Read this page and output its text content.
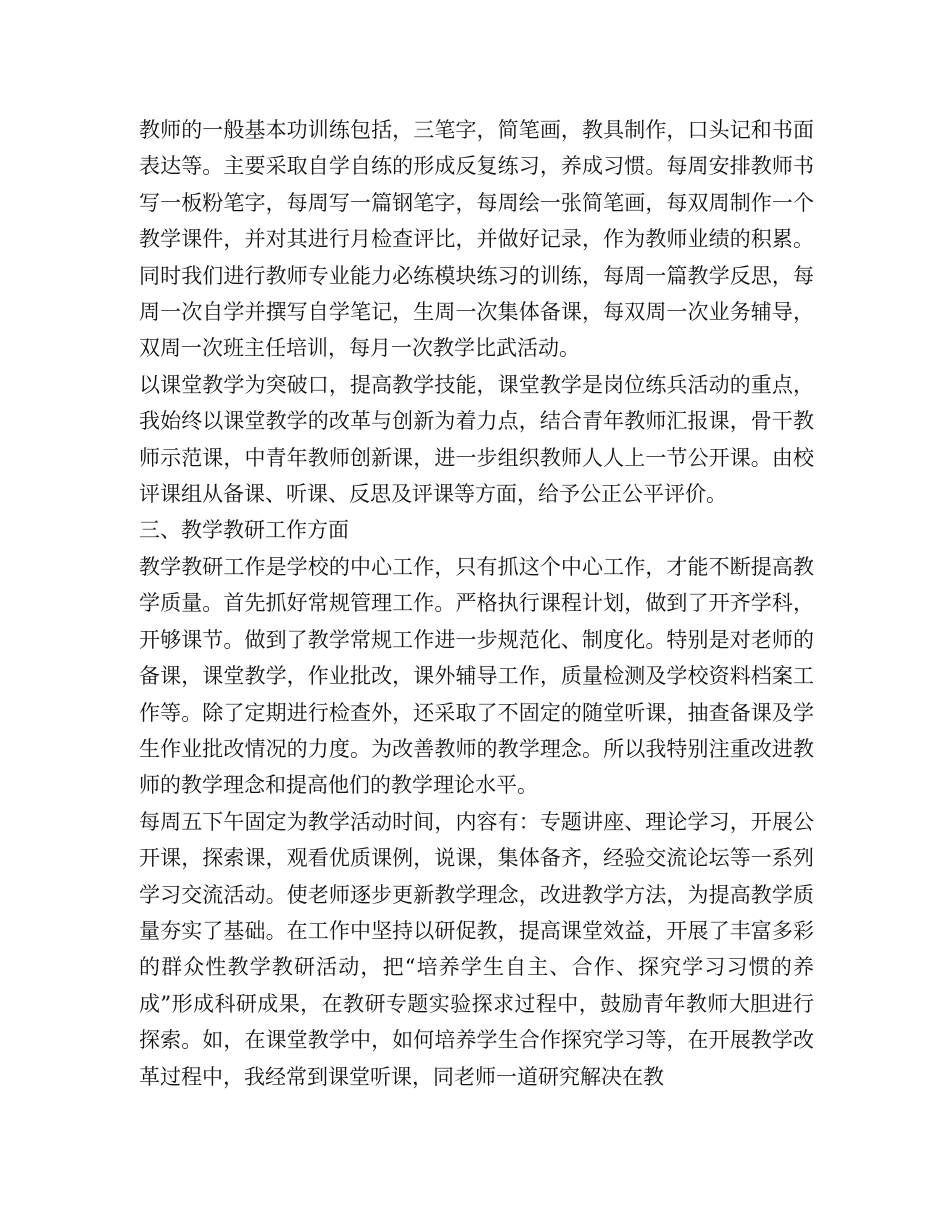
教师的一般基本功训练包括，三笔字，简笔画，教具制作，口头记和书面表达等。主要采取自学自练的形成反复练习，养成习惯。每周安排教师书写一板粉笔字，每周写一篇钢笔字，每周绘一张简笔画，每双周制作一个教学课件，并对其进行月检查评比，并做好记录，作为教师业绩的积累。同时我们进行教师专业能力必练模块练习的训练，每周一篇教学反思，每周一次自学并撰写自学笔记，生周一次集体备课，每双周一次业务辅导，双周一次班主任培训，每月一次教学比武活动。

以课堂教学为突破口，提高教学技能，课堂教学是岗位练兵活动的重点，我始终以课堂教学的改革与创新为着力点，结合青年教师汇报课，骨干教师示范课，中青年教师创新课，进一步组织教师人人上一节公开课。由校评课组从备课、听课、反思及评课等方面，给予公正公平评价。

三、教学教研工作方面

教学教研工作是学校的中心工作，只有抓这个中心工作，才能不断提高教学质量。首先抓好常规管理工作。严格执行课程计划，做到了开齐学科，开够课节。做到了教学常规工作进一步规范化、制度化。特别是对老师的备课，课堂教学，作业批改，课外辅导工作，质量检测及学校资料档案工作等。除了定期进行检查外，还采取了不固定的随堂听课，抽查备课及学生作业批改情况的力度。为改善教师的教学理念。所以我特别注重改进教师的教学理念和提高他们的教学理论水平。

每周五下午固定为教学活动时间，内容有：专题讲座、理论学习，开展公开课，探索课，观看优质课例，说课，集体备齐，经验交流论坛等一系列学习交流活动。使老师逐步更新教学理念，改进教学方法，为提高教学质量夯实了基础。在工作中坚持以研促教，提高课堂效益，开展了丰富多彩的群众性教学教研活动，把“培养学生自主、合作、探究学习习惯的养成”形成科研成果，在教研专题实验探求过程中，鼓励青年教师大胆进行探索。如，在课堂教学中，如何培养学生合作探究学习等，在开展教学改革过程中，我经常到课堂听课，同老师一道研究解决在教
